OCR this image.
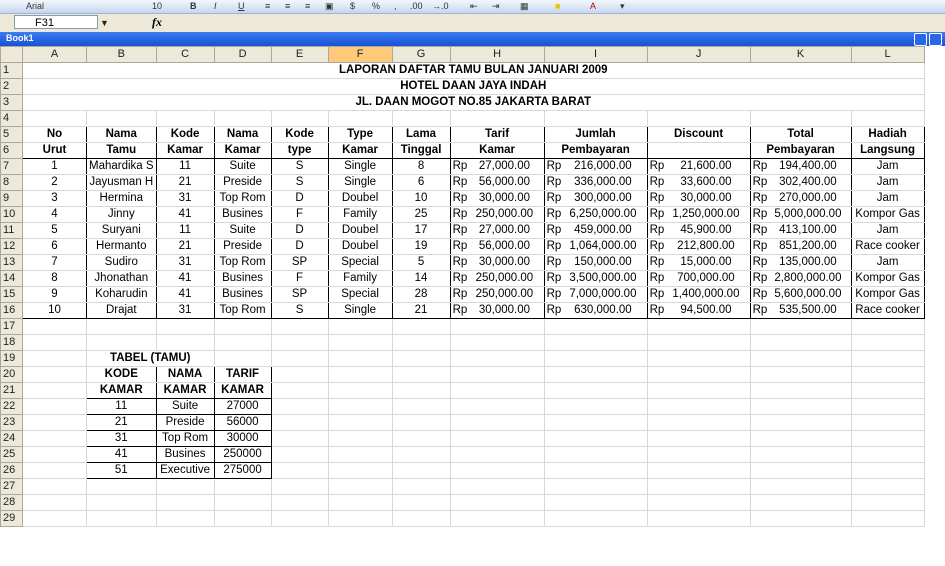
Arial	10	B I U ≡ ≡ ≡ ▣ $ % , .00 →.0 ⇤ ⇥ ▦	■	A	▾
F31	▼	fx
Book1
	A	B	C	D	E	F	G	H	I	J	K	L
1	LAPORAN DAFTAR TAMU BULAN JANUARI 2009											
2	HOTEL DAAN JAYA INDAH											
3	JL. DAAN MOGOT NO.85 JAKARTA BARAT											
4												
5	No	Nama	Kode	Nama	Kode	Type	Lama	Tarif	Jumlah	Discount	Total	Hadiah
6	Urut	Tamu	Kamar	Kamar	type	Kamar	Tinggal	Kamar	Pembayaran		Pembayaran	Langsung
7	1	Mahardika S	11	Suite	S	Single	8	Rp 27,000.00	Rp 216,000.00	Rp 21,600.00	Rp 194,400.00	Jam
8	2	Jayusman H	21	Preside	S	Single	6	Rp 56,000.00	Rp 336,000.00	Rp 33,600.00	Rp 302,400.00	Jam
9	3	Hermina	31	Top Rom	D	Doubel	10	Rp 30,000.00	Rp 300,000.00	Rp 30,000.00	Rp 270,000.00	Jam
10	4	Jinny	41	Busines	F	Family	25	Rp 250,000.00	Rp 6,250,000.00	Rp 1,250,000.00	Rp 5,000,000.00	Kompor Gas
11	5	Suryani	11	Suite	D	Doubel	17	Rp 27,000.00	Rp 459,000.00	Rp 45,900.00	Rp 413,100.00	Jam
12	6	Hermanto	21	Preside	D	Doubel	19	Rp 56,000.00	Rp 1,064,000.00	Rp 212,800.00	Rp 851,200.00	Race cooker
13	7	Sudiro	31	Top Rom	SP	Special	5	Rp 30,000.00	Rp 150,000.00	Rp 15,000.00	Rp 135,000.00	Jam
14	8	Jhonathan	41	Busines	F	Family	14	Rp 250,000.00	Rp 3,500,000.00	Rp 700,000.00	Rp 2,800,000.00	Kompor Gas
15	9	Koharudin	41	Busines	SP	Special	28	Rp 250,000.00	Rp 7,000,000.00	Rp 1,400,000.00	Rp 5,600,000.00	Kompor Gas
16	10	Drajat	31	Top Rom	S	Single	21	Rp 30,000.00	Rp 630,000.00	Rp 94,500.00	Rp 535,500.00	Race cooker
17												
18												
19		TABEL (TAMU)										
20		KODE	NAMA	TARIF								
21		KAMAR	KAMAR	KAMAR								
22		11	Suite	27000								
23		21	Preside	56000								
24		31	Top Rom	30000								
25		41	Busines	250000								
26		51	Executive	275000								
27												
28												
29												
